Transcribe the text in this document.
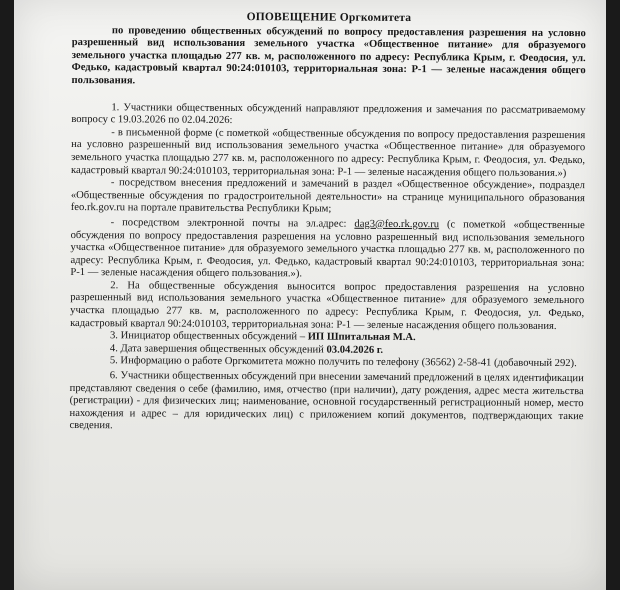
ОПОВЕЩЕНИЕ Оргкомитета

по проведению общественных обсуждений по вопросу предоставления разрешения на условно разрешенный вид использования земельного участка «Общественное питание» для образуемого земельного участка площадью 277 кв. м, расположенного по адресу: Республика Крым, г. Феодосия, ул. Федько, кадастровый квартал 90:24:010103, территориальная зона: Р-1 — зеленые насаждения общего пользования.

1. Участники общественных обсуждений направляют предложения и замечания по рассматриваемому вопросу с 19.03.2026 по 02.04.2026:

- в письменной форме (с пометкой «общественные обсуждения по вопросу предоставления разрешения на условно разрешенный вид использования земельного участка «Общественное питание» для образуемого земельного участка площадью 277 кв. м, расположенного по адресу: Республика Крым, г. Феодосия, ул. Федько, кадастровый квартал 90:24:010103, территориальная зона: Р-1 — зеленые насаждения общего пользования.»)

- посредством внесения предложений и замечаний в раздел «Общественное обсуждение», подраздел «Общественные обсуждения по градостроительной деятельности» на странице муниципального образования feo.rk.gov.ru на портале правительства Республики Крым;

- посредством электронной почты на эл.адрес: dag3@feo.rk.gov.ru (с пометкой «общественные обсуждения по вопросу предоставления разрешения на условно разрешенный вид использования земельного участка «Общественное питание» для образуемого земельного участка площадью 277 кв. м, расположенного по адресу: Республика Крым, г. Феодосия, ул. Федько, кадастровый квартал 90:24:010103, территориальная зона: Р-1 — зеленые насаждения общего пользования.»).

2. На общественные обсуждения выносится вопрос предоставления разрешения на условно разрешенный вид использования земельного участка «Общественное питание» для образуемого земельного участка площадью 277 кв. м, расположенного по адресу: Республика Крым, г. Феодосия, ул. Федько, кадастровый квартал 90:24:010103, территориальная зона: Р-1 — зеленые насаждения общего пользования.

3. Инициатор общественных обсуждений – ИП Шпитальная М.А.

4. Дата завершения общественных обсуждений 03.04.2026 г.

5. Информацию о работе Оргкомитета можно получить по телефону (36562) 2-58-41 (добавочный 292).

6. Участники общественных обсуждений при внесении замечаний предложений в целях идентификации представляют сведения о себе (фамилию, имя, отчество (при наличии), дату рождения, адрес места жительства (регистрации) - для физических лиц; наименование, основной государственный регистрационный номер, место нахождения и адрес – для юридических лиц) с приложением копий документов, подтверждающих такие сведения.
